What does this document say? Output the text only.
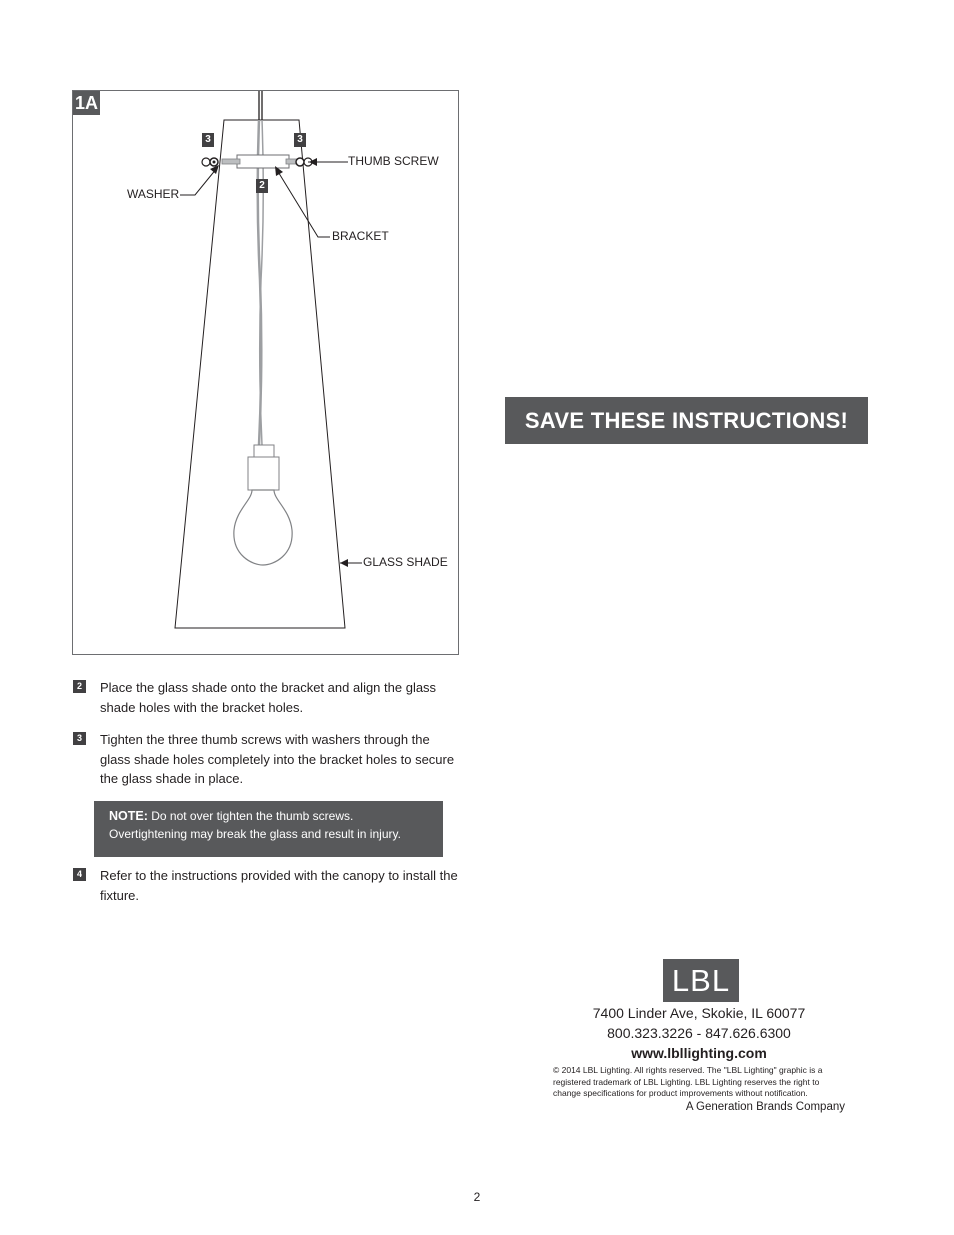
1A
3	3
2
THUMB SCREW
WASHER
BRACKET
GLASS SHADE
2	Place the glass shade onto the bracket and align the glass shade holes with the bracket holes.
3	Tighten the three thumb screws with washers through the glass shade holes completely into the bracket holes to secure the glass shade in place.
NOTE: Do not over tighten the thumb screws. Overtightening may break the glass and result in injury.
4	Refer to the instructions provided with the canopy to install the fixture.
SAVE THESE INSTRUCTIONS!
LBL
7400 Linder Ave, Skokie, IL 60077
800.323.3226 - 847.626.6300
www.lbllighting.com
© 2014 LBL Lighting. All rights reserved. The "LBL Lighting" graphic is a registered trademark of LBL Lighting. LBL Lighting reserves the right to change specifications for product improvements without notification.
A Generation Brands Company
2
